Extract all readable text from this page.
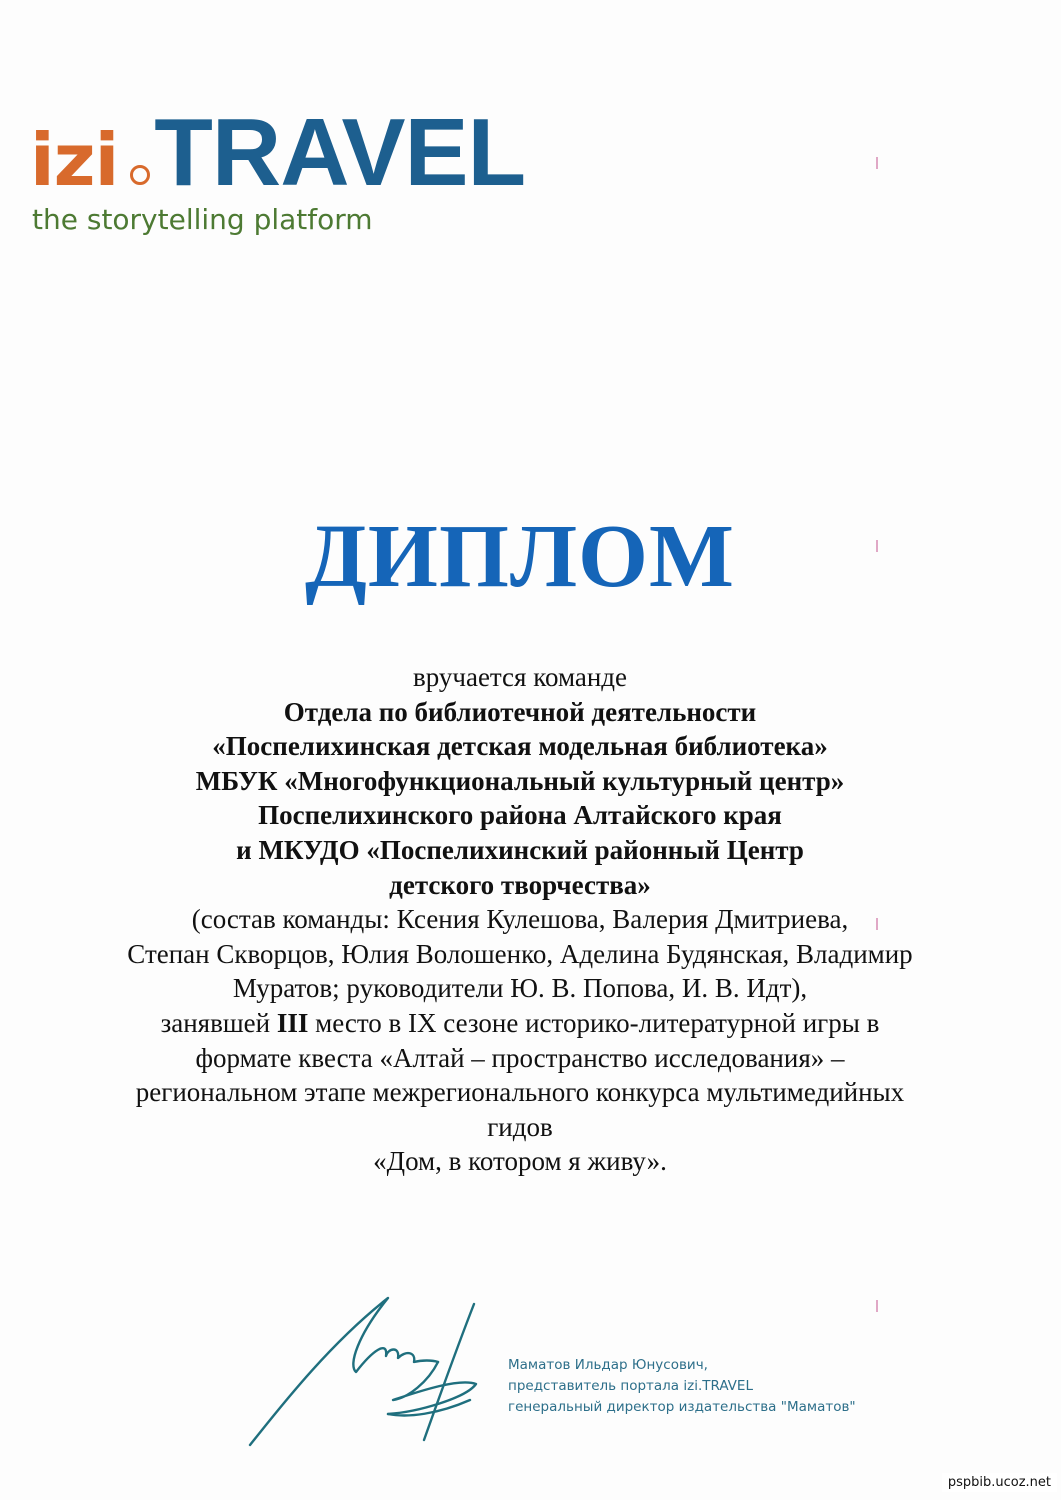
izi TRAVEL
the storytelling platform
ДИПЛОМ
вручается команде
Отдела по библиотечной деятельности
«Поспелихинская детская модельная библиотека»
МБУК «Многофункциональный культурный центр»
Поспелихинского района Алтайского края
и МКУДО «Поспелихинский районный Центр
детского творчества»
(состав команды: Ксения Кулешова, Валерия Дмитриева,
Степан Скворцов, Юлия Волошенко, Аделина Будянская, Владимир
Муратов; руководители Ю. В. Попова, И. В. Идт),
занявшей III место в IX сезоне историко-литературной игры в
формате квеста «Алтай – пространство исследования» –
региональном этапе межрегионального конкурса мультимедийных
гидов
«Дом, в котором я живу».
Маматов Ильдар Юнусович,
представитель портала izi.TRAVEL
генеральный директор издательства "Маматов"
pspbib.ucoz.net
